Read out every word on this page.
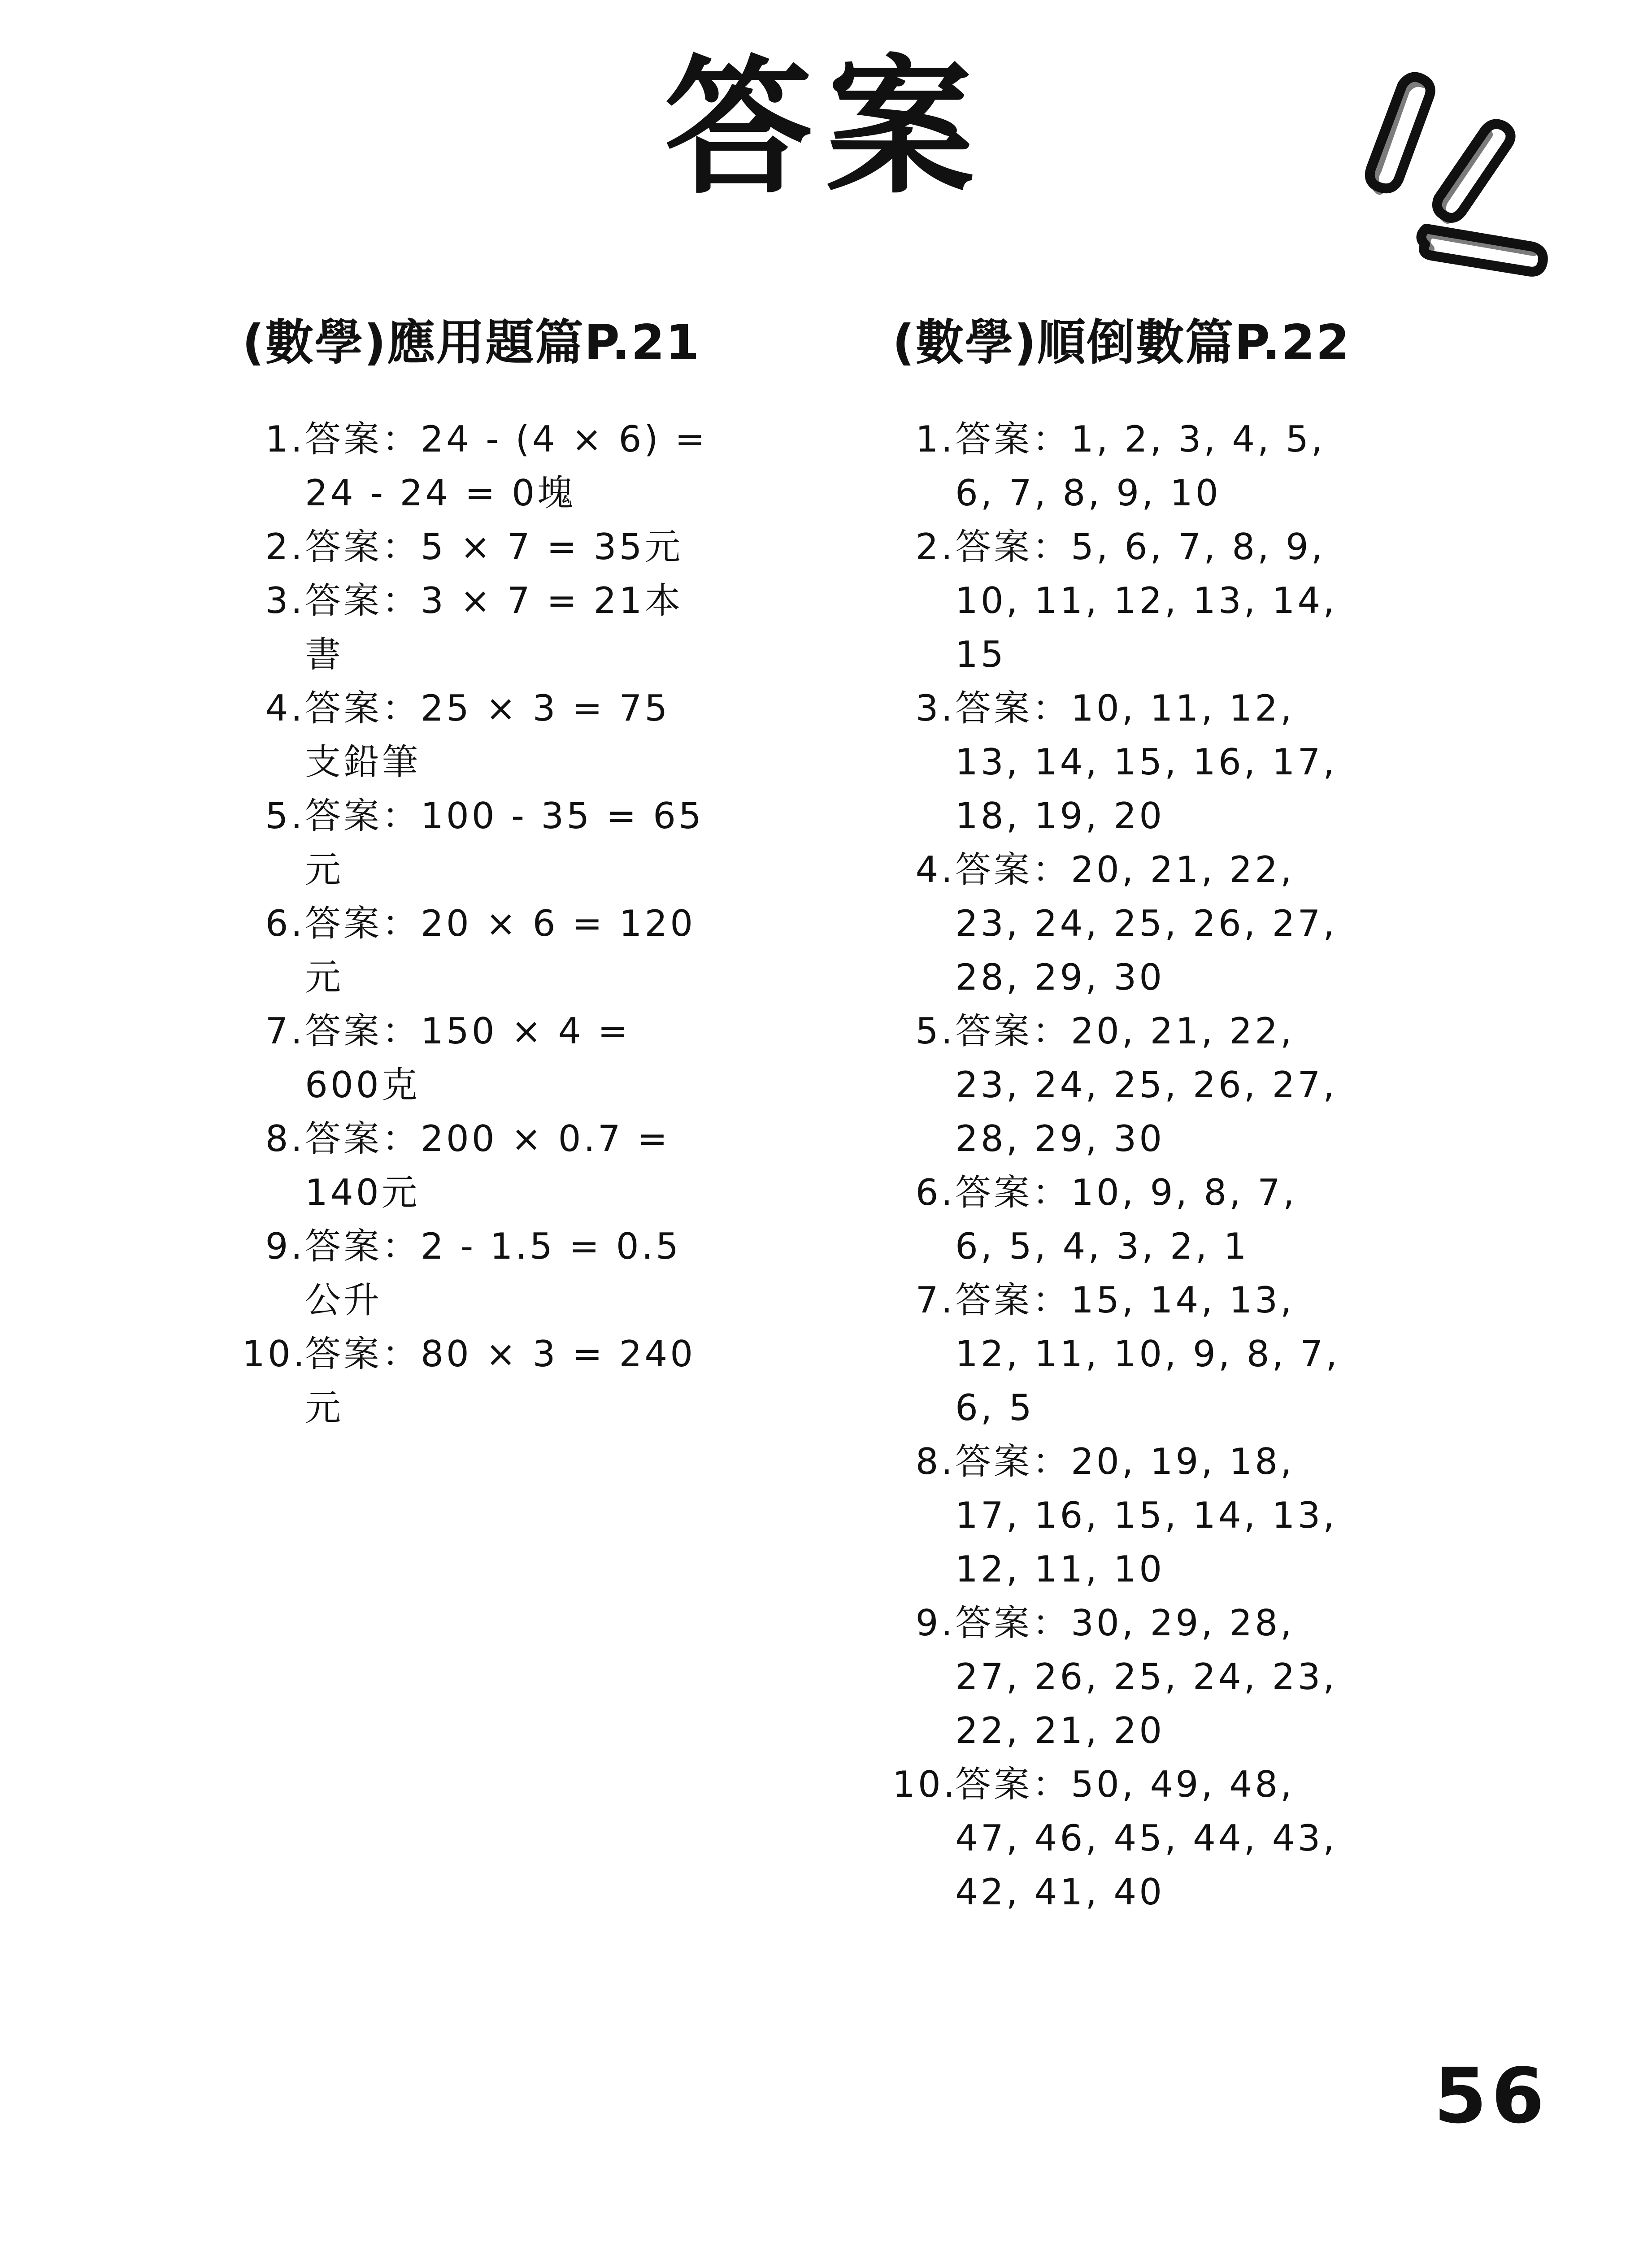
答案
(數學)應用題篇P.21
1. 答案：24 - (4 × 6) = 24 - 24 = 0塊
2. 答案：5 × 7 = 35元
3. 答案：3 × 7 = 21本書
4. 答案：25 × 3 = 75支鉛筆
5. 答案：100 - 35 = 65元
6. 答案：20 × 6 = 120元
7. 答案：150 × 4 = 600克
8. 答案：200 × 0.7 = 140元
9. 答案：2 - 1.5 = 0.5公升
10.
答案：80 × 3 = 240元
(數學)順倒數篇P.22
1. 答案：1, 2, 3, 4, 5, 6, 7, 8, 9, 10
2. 答案：5, 6, 7, 8, 9, 10, 11, 12, 13, 14, 15
3. 答案：10, 11, 12, 13, 14, 15, 16, 17, 18, 19, 20
4. 答案：20, 21, 22, 23, 24, 25, 26, 27, 28, 29, 30
5. 答案：20, 21, 22, 23, 24, 25, 26, 27, 28, 29, 30
6. 答案：10, 9, 8, 7, 6, 5, 4, 3, 2, 1
7. 答案：15, 14, 13, 12, 11, 10, 9, 8, 7, 6, 5
8. 答案：20, 19, 18, 17, 16, 15, 14, 13, 12, 11, 10
9. 答案：30, 29, 28, 27, 26, 25, 24, 23, 22, 21, 20
10.
答案：50, 49, 48, 47, 46, 45, 44, 43, 42, 41, 40
56
